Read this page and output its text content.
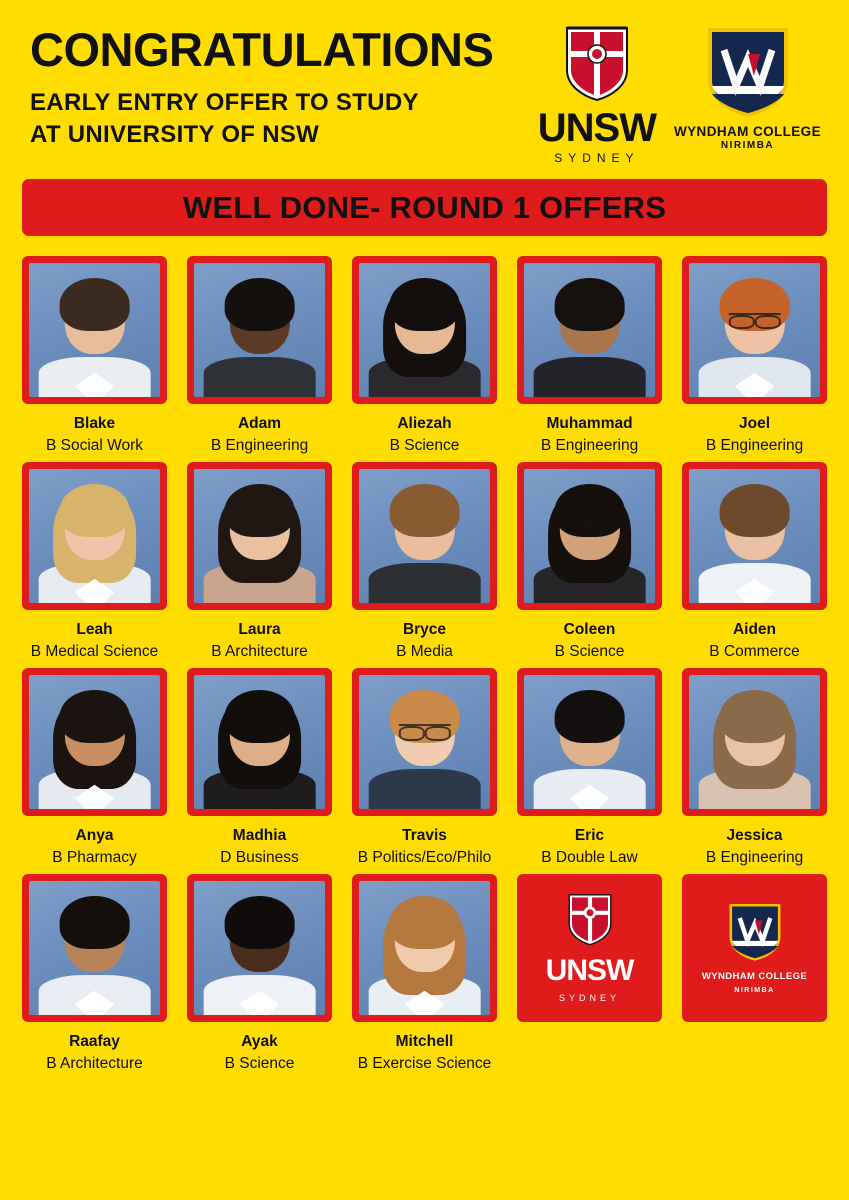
CONGRATULATIONS
EARLY ENTRY OFFER TO STUDY
AT UNIVERSITY OF NSW	UNSW
SYDNEY
WYNDHAM COLLEGE
NIRIMBA
WELL DONE- ROUND 1 OFFERS
Blake
B Social Work
Adam
B Engineering
Aliezah
B Science
Muhammad
B Engineering
Joel
B Engineering
Leah
B Medical Science
Laura
B Architecture
Bryce
B Media
Coleen
B Science
Aiden
B Commerce
Anya
B Pharmacy
Madhia
D Business
Travis
B Politics/Eco/Philo
Eric
B Double Law
Jessica
B Engineering
Raafay
B Architecture
Ayak
B Science
Mitchell
B Exercise Science
UNSW
SYDNEY
WYNDHAM COLLEGE
NIRIMBA
